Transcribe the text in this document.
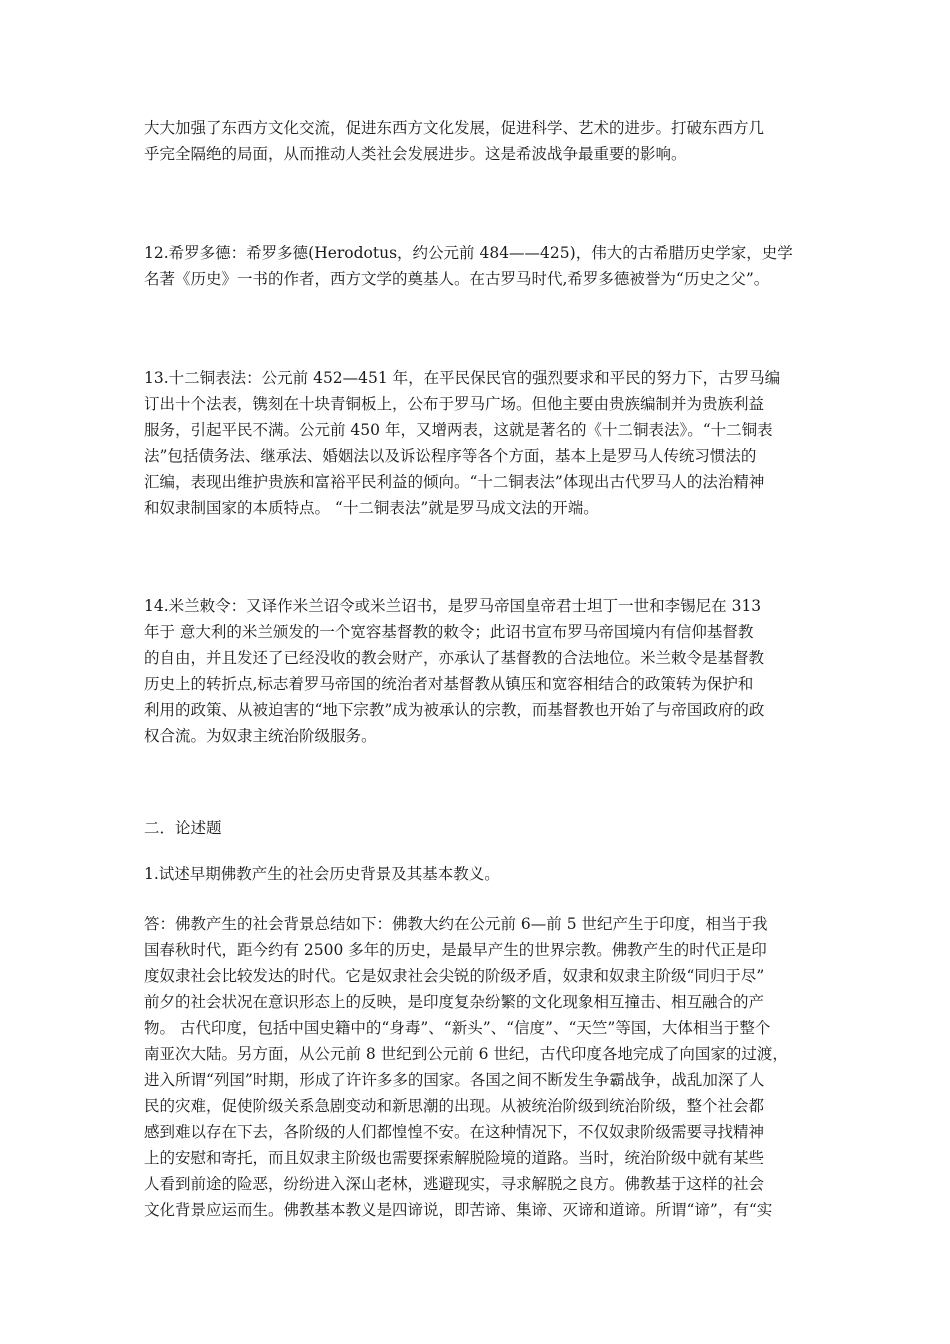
大大加强了东西方文化交流，促进东西方文化发展，促进科学、艺术的进步。打破东西方几
乎完全隔绝的局面，从而推动人类社会发展进步。这是希波战争最重要的影响。
12.希罗多德：希罗多德(Herodotus，约公元前 484——425)，伟大的古希腊历史学家，史学
名著《历史》一书的作者，西方文学的奠基人。在古罗马时代,希罗多德被誉为“历史之父”。
13.十二铜表法：公元前 452—451 年，在平民保民官的强烈要求和平民的努力下，古罗马编
订出十个法表，镌刻在十块青铜板上，公布于罗马广场。但他主要由贵族编制并为贵族利益
服务，引起平民不满。公元前 450 年，又增两表，这就是著名的《十二铜表法》。“十二铜表
法”包括债务法、继承法、婚姻法以及诉讼程序等各个方面，基本上是罗马人传统习惯法的
汇编，表现出维护贵族和富裕平民利益的倾向。“十二铜表法”体现出古代罗马人的法治精神
和奴隶制国家的本质特点。 “十二铜表法”就是罗马成文法的开端。
14.米兰敕令：又译作米兰诏令或米兰诏书，是罗马帝国皇帝君士坦丁一世和李锡尼在 313
年于 意大利的米兰颁发的一个宽容基督教的敕令；此诏书宣布罗马帝国境内有信仰基督教
的自由，并且发还了已经没收的教会财产，亦承认了基督教的合法地位。米兰敕令是基督教
历史上的转折点,标志着罗马帝国的统治者对基督教从镇压和宽容相结合的政策转为保护和
利用的政策、从被迫害的“地下宗教”成为被承认的宗教，而基督教也开始了与帝国政府的政
权合流。为奴隶主统治阶级服务。
二．论述题
1.试述早期佛教产生的社会历史背景及其基本教义。
答：佛教产生的社会背景总结如下：佛教大约在公元前 6—前 5 世纪产生于印度，相当于我
国春秋时代，距今约有 2500 多年的历史，是最早产生的世界宗教。佛教产生的时代正是印
度奴隶社会比较发达的时代。它是奴隶社会尖锐的阶级矛盾，奴隶和奴隶主阶级“同归于尽”
前夕的社会状况在意识形态上的反映，是印度复杂纷繁的文化现象相互撞击、相互融合的产
物。 古代印度，包括中国史籍中的“身毒”、“新头”、“信度”、“天竺”等国，大体相当于整个
南亚次大陆。另方面，从公元前 8 世纪到公元前 6 世纪，古代印度各地完成了向国家的过渡，
进入所谓“列国”时期，形成了许许多多的国家。各国之间不断发生争霸战争，战乱加深了人
民的灾难，促使阶级关系急剧变动和新思潮的出现。从被统治阶级到统治阶级，整个社会都
感到难以存在下去，各阶级的人们都惶惶不安。在这种情况下，不仅奴隶阶级需要寻找精神
上的安慰和寄托，而且奴隶主阶级也需要探索解脱险境的道路。当时，统治阶级中就有某些
人看到前途的险恶，纷纷进入深山老林，逃避现实，寻求解脱之良方。佛教基于这样的社会
文化背景应运而生。佛教基本教义是四谛说，即苦谛、集谛、灭谛和道谛。所谓“谛”，有“实
